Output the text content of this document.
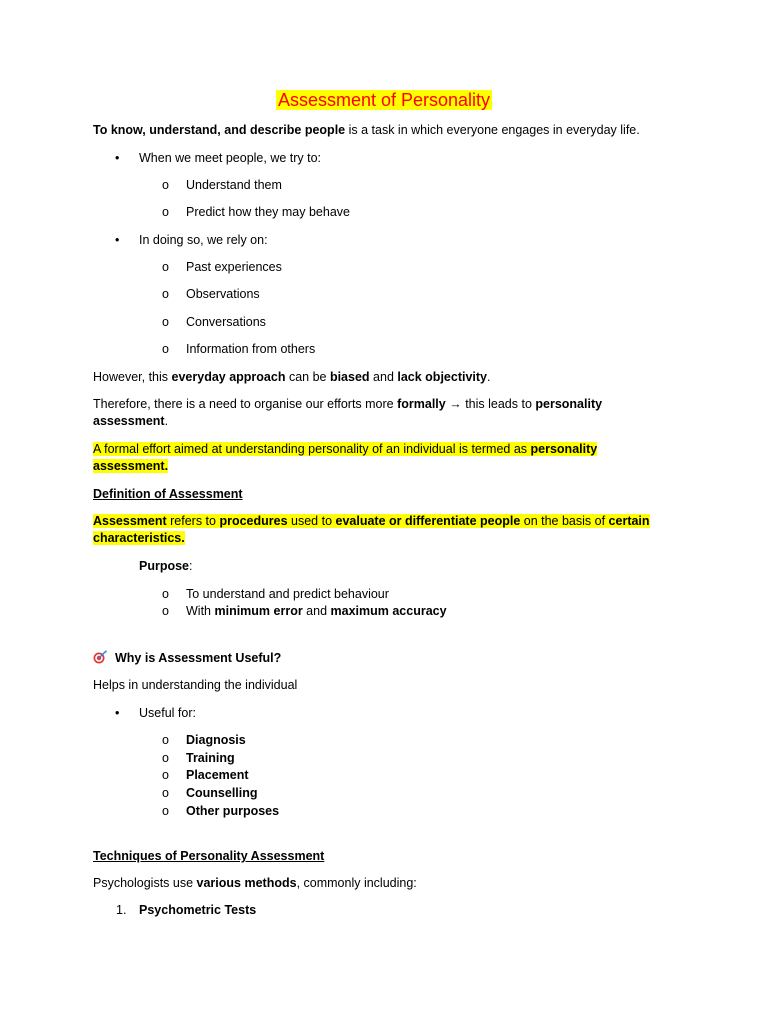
Assessment of Personality
To know, understand, and describe people is a task in which everyone engages in everyday life.
• When we meet people, we try to:
o Understand them
o Predict how they may behave
• In doing so, we rely on:
o Past experiences
o Observations
o Conversations
o Information from others
However, this everyday approach can be biased and lack objectivity.
Therefore, there is a need to organise our efforts more formally → this leads to personality
assessment.
A formal effort aimed at understanding personality of an individual is termed as personality
assessment.
Definition of Assessment
Assessment refers to procedures used to evaluate or differentiate people on the basis of certain
characteristics.
Purpose:
o To understand and predict behaviour
o With minimum error and maximum accuracy
Why is Assessment Useful?
Helps in understanding the individual
• Useful for:
o Diagnosis
o Training
o Placement
o Counselling
o Other purposes
Techniques of Personality Assessment
Psychologists use various methods, commonly including:
1. Psychometric Tests
